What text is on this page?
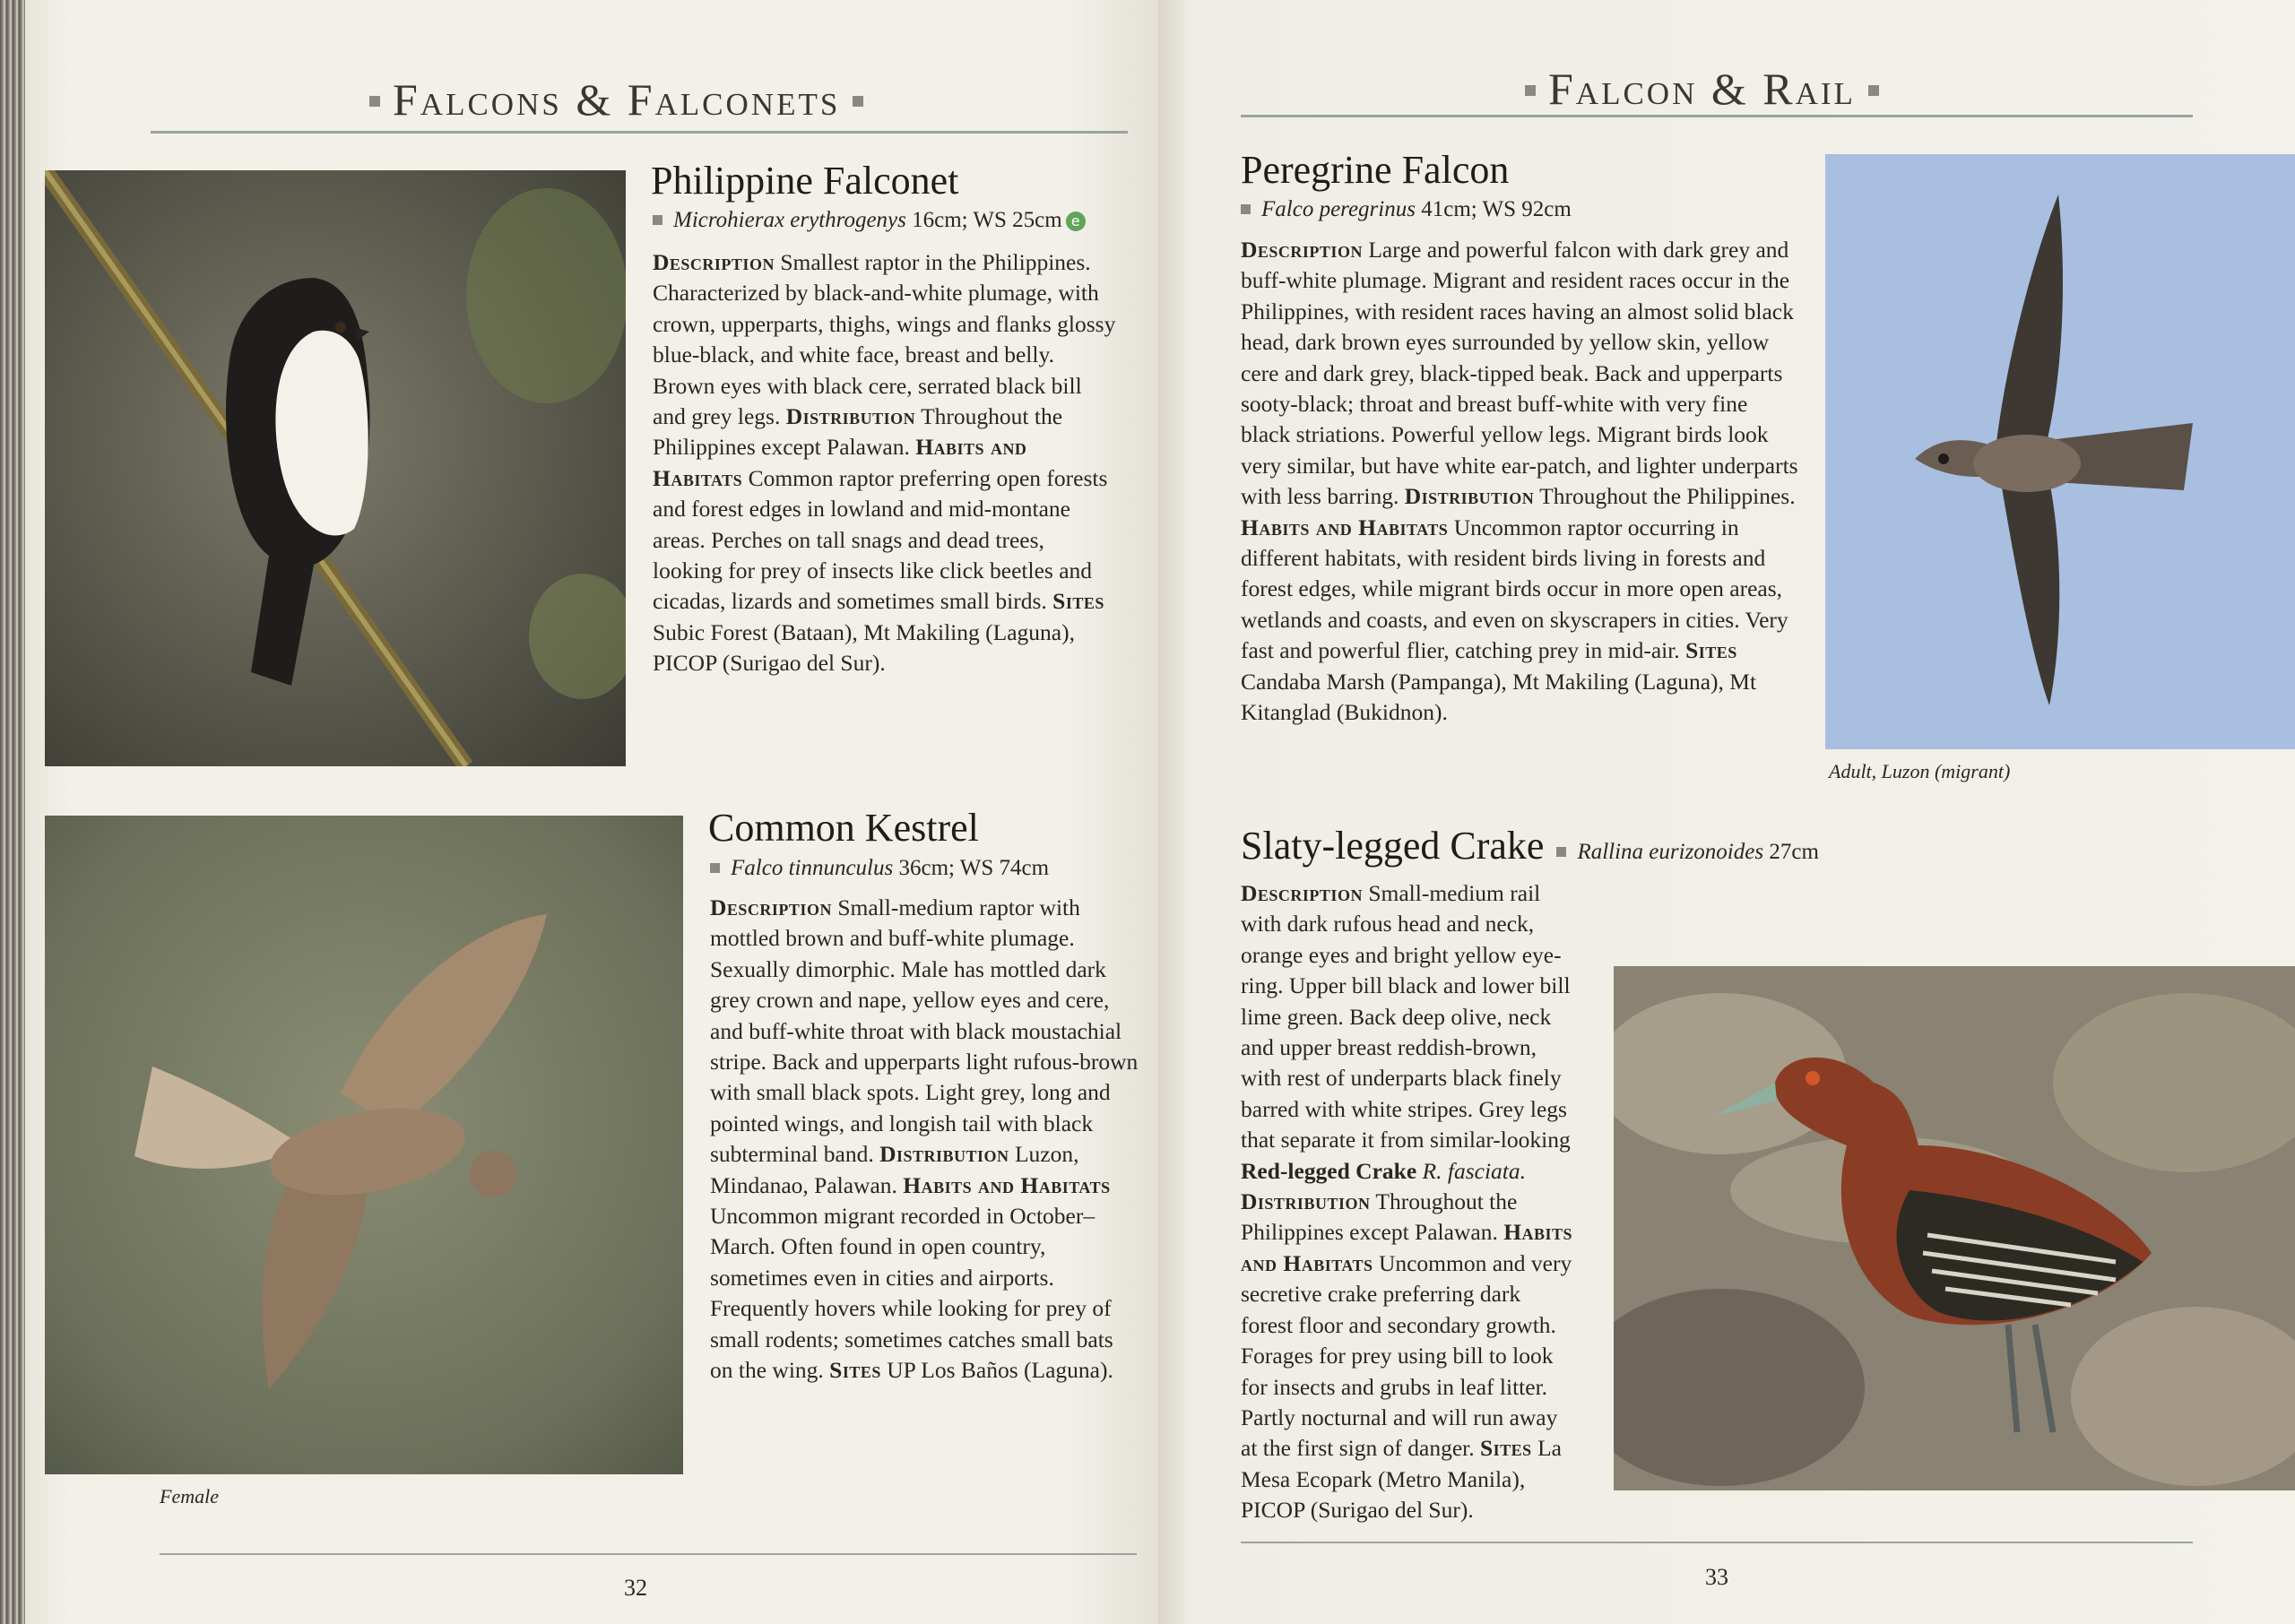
Falcons & Falconets
Philippine Falconet
Microhierax erythrogenys 16cm; WS 25cm e
Description Smallest raptor in the Philippines. Characterized by black-and-white plumage, with crown, upperparts, thighs, wings and flanks glossy blue-black, and white face, breast and belly. Brown eyes with black cere, serrated black bill and grey legs. Distribution Throughout the Philippines except Palawan. Habits and Habitats Common raptor preferring open forests and forest edges in lowland and mid-montane areas. Perches on tall snags and dead trees, looking for prey of insects like click beetles and cicadas, lizards and sometimes small birds. Sites Subic Forest (Bataan), Mt Makiling (Laguna), PICOP (Surigao del Sur).
Common Kestrel
Falco tinnunculus 36cm; WS 74cm
Description Small-medium raptor with mottled brown and buff-white plumage. Sexually dimorphic. Male has mottled dark grey crown and nape, yellow eyes and cere, and buff-white throat with black moustachial stripe. Back and upperparts light rufous-brown with small black spots. Light grey, long and pointed wings, and longish tail with black subterminal band. Distribution Luzon, Mindanao, Palawan. Habits and Habitats Uncommon migrant recorded in October–March. Often found in open country, sometimes even in cities and airports. Frequently hovers while looking for prey of small rodents; sometimes catches small bats on the wing. Sites UP Los Baños (Laguna).
Female
32
Falcon & Rail
Peregrine Falcon
Falco peregrinus 41cm; WS 92cm
Description Large and powerful falcon with dark grey and buff-white plumage. Migrant and resident races occur in the Philippines, with resident races having an almost solid black head, dark brown eyes surrounded by yellow skin, yellow cere and dark grey, black-tipped beak. Back and upperparts sooty-black; throat and breast buff-white with very fine black striations. Powerful yellow legs. Migrant birds look very similar, but have white ear-patch, and lighter underparts with less barring. Distribution Throughout the Philippines. Habits and Habitats Uncommon raptor occurring in different habitats, with resident birds living in forests and forest edges, while migrant birds occur in more open areas, wetlands and coasts, and even on skyscrapers in cities. Very fast and powerful flier, catching prey in mid-air. Sites Candaba Marsh (Pampanga), Mt Makiling (Laguna), Mt Kitanglad (Bukidnon).
Adult, Luzon (migrant)
Slaty-legged Crake Rallina eurizonoides 27cm
Description Small-medium rail with dark rufous head and neck, orange eyes and bright yellow eye-ring. Upper bill black and lower bill lime green. Back deep olive, neck and upper breast reddish-brown, with rest of underparts black finely barred with white stripes. Grey legs that separate it from similar-looking Red-legged Crake R. fasciata. Distribution Throughout the Philippines except Palawan. Habits and Habitats Uncommon and very secretive crake preferring dark forest floor and secondary growth. Forages for prey using bill to look for insects and grubs in leaf litter. Partly nocturnal and will run away at the first sign of danger. Sites La Mesa Ecopark (Metro Manila), PICOP (Surigao del Sur).
33
